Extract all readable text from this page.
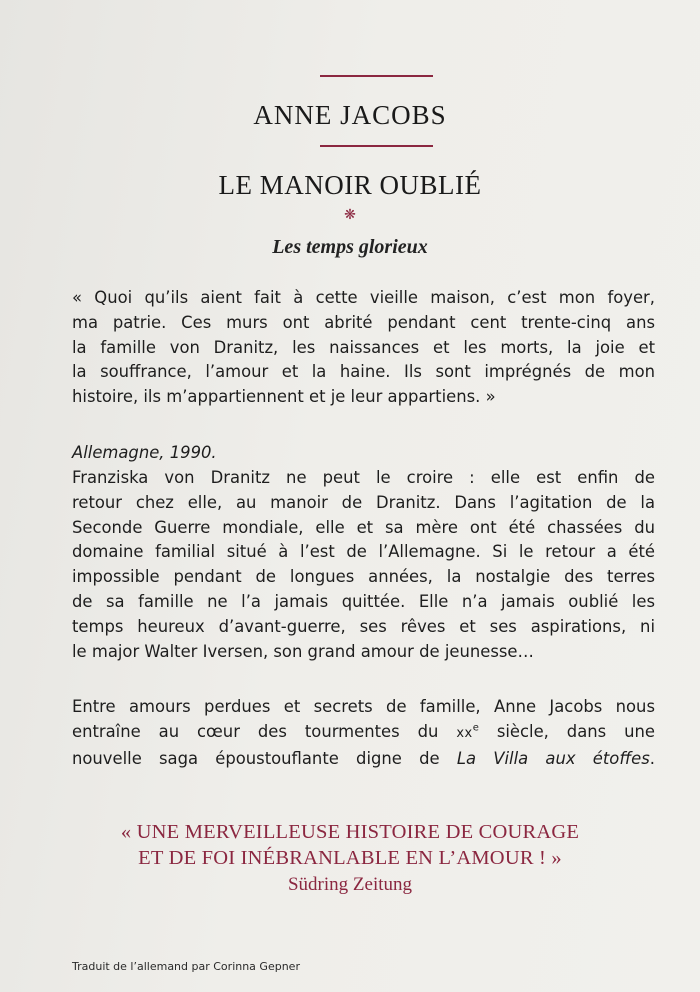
ANNE JACOBS
LE MANOIR OUBLIÉ
❋
Les temps glorieux
« Quoi qu’ils aient fait à cette vieille maison, c’est mon foyer,
ma patrie. Ces murs ont abrité pendant cent trente-cinq ans
la famille von Dranitz, les naissances et les morts, la joie et
la souffrance, l’amour et la haine. Ils sont imprégnés de mon
histoire, ils m’appartiennent et je leur appartiens. »
Allemagne, 1990.
Franziska von Dranitz ne peut le croire : elle est enfin de
retour chez elle, au manoir de Dranitz. Dans l’agitation de la
Seconde Guerre mondiale, elle et sa mère ont été chassées du
domaine familial situé à l’est de l’Allemagne. Si le retour a été
impossible pendant de longues années, la nostalgie des terres
de sa famille ne l’a jamais quittée. Elle n’a jamais oublié les
temps heureux d’avant-guerre, ses rêves et ses aspirations, ni
le major Walter Iversen, son grand amour de jeunesse…
Entre amours perdues et secrets de famille, Anne Jacobs nous
entraîne au cœur des tourmentes du $xx^e$ siècle, dans une
nouvelle saga époustouflante digne de La Villa aux étoffes.
« UNE MERVEILLEUSE HISTOIRE DE COURAGE
ET DE FOI INÉBRANLABLE EN L’AMOUR ! »
Südring Zeitung
Traduit de l’allemand par Corinna Gepner
